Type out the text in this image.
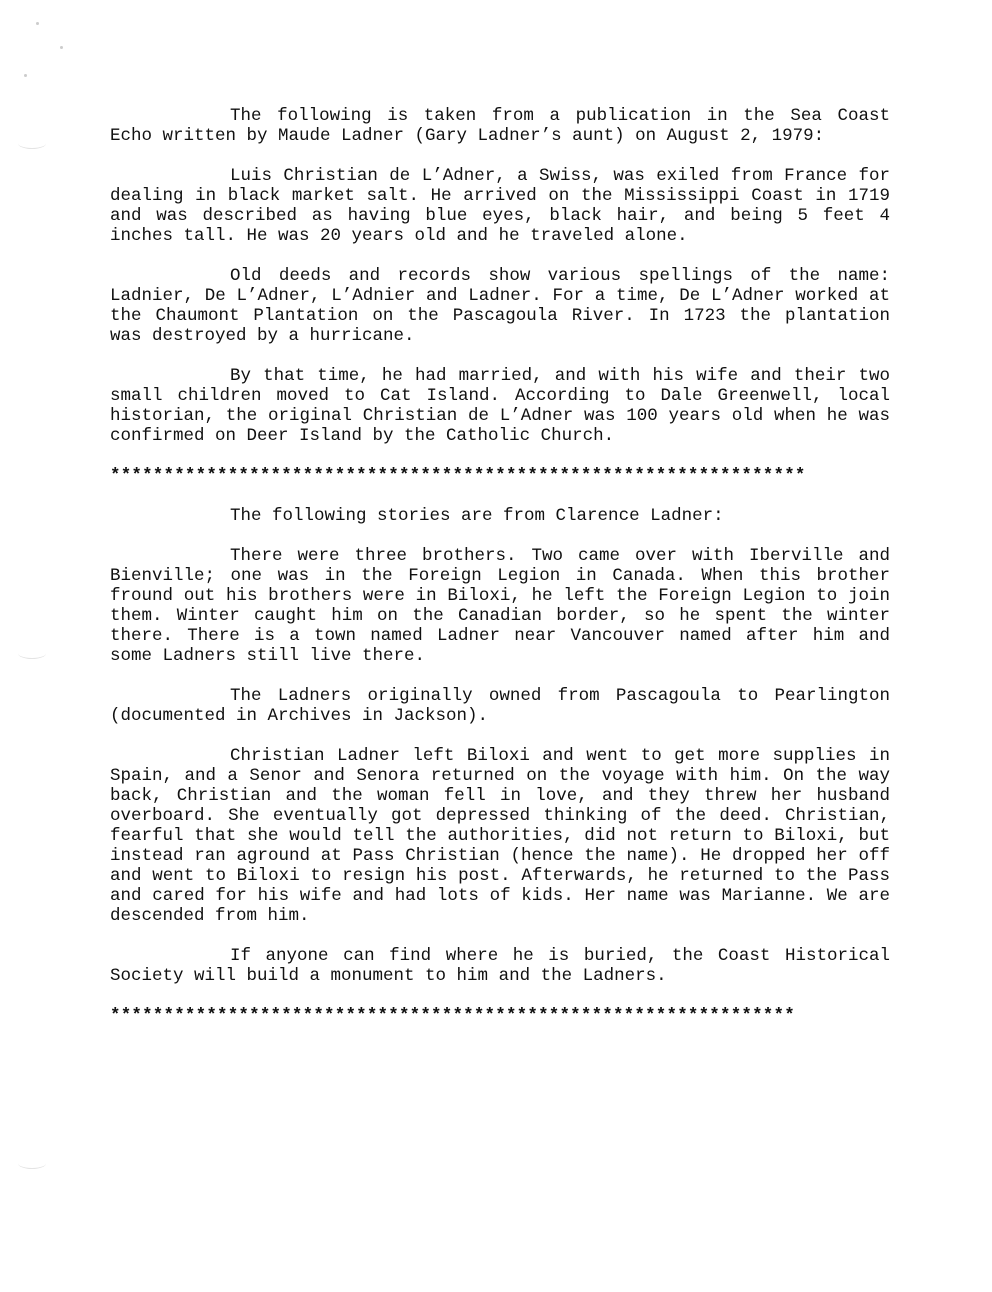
The following is taken from a publication in the Sea Coast Echo written by Maude Ladner (Gary Ladner’s aunt) on August 2, 1979:

Luis Christian de L’Adner, a Swiss, was exiled from France for dealing in black market salt. He arrived on the Mississippi Coast in 1719 and was described as having blue eyes, black hair, and being 5 feet 4 inches tall. He was 20 years old and he traveled alone.

Old deeds and records show various spellings of the name: Ladnier, De L’Adner, L’Adnier and Ladner. For a time, De L’Adner worked at the Chaumont Plantation on the Pascagoula River. In 1723 the plantation was destroyed by a hurricane.

By that time, he had married, and with his wife and their two small children moved to Cat Island. According to Dale Greenwell, local historian, the original Christian de L’Adner was 100 years old when he was confirmed on Deer Island by the Catholic Church.

*****************************************************************

The following stories are from Clarence Ladner:

There were three brothers. Two came over with Iberville and Bienville; one was in the Foreign Legion in Canada. When this brother fround out his brothers were in Biloxi, he left the Foreign Legion to join them. Winter caught him on the Canadian border, so he spent the winter there. There is a town named Ladner near Vancouver named after him and some Ladners still live there.

The Ladners originally owned from Pascagoula to Pearlington (documented in Archives in Jackson).

Christian Ladner left Biloxi and went to get more supplies in Spain, and a Senor and Senora returned on the voyage with him. On the way back, Christian and the woman fell in love, and they threw her husband overboard. She eventually got depressed thinking of the deed. Christian, fearful that she would tell the authorities, did not return to Biloxi, but instead ran aground at Pass Christian (hence the name). He dropped her off and went to Biloxi to resign his post. Afterwards, he returned to the Pass and cared for his wife and had lots of kids. Her name was Marianne. We are descended from him.

If anyone can find where he is buried, the Coast Historical Society will build a monument to him and the Ladners.

****************************************************************
